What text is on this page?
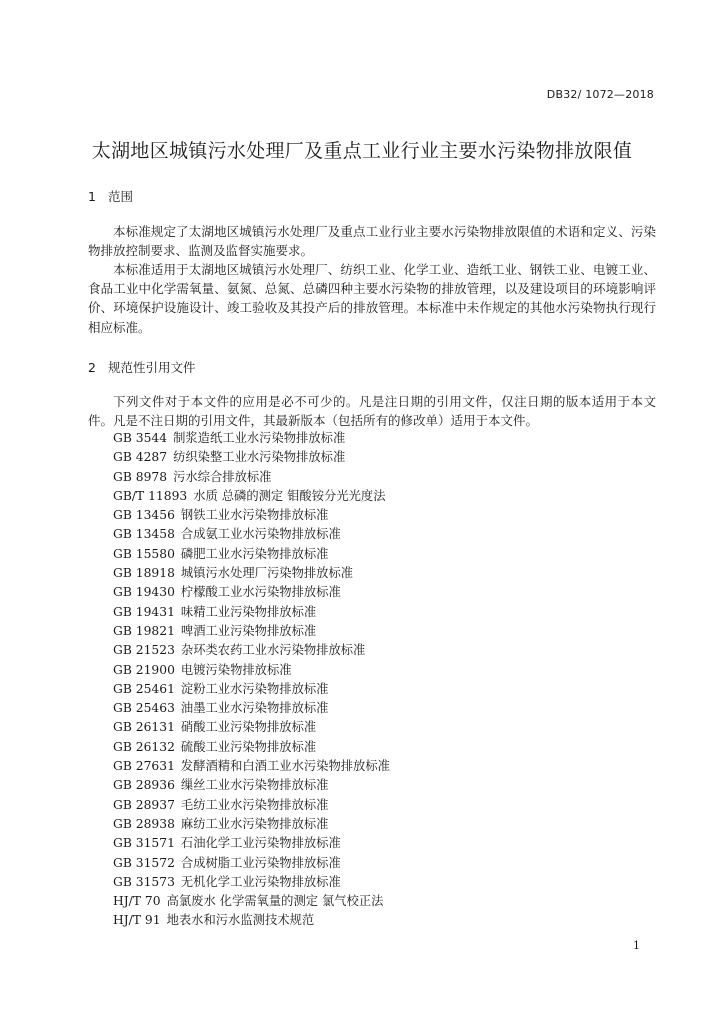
DB32/ 1072—2018
太湖地区城镇污水处理厂及重点工业行业主要水污染物排放限值
1 范围

本标准规定了太湖地区城镇污水处理厂及重点工业行业主要水污染物排放限值的术语和定义、污染物排放控制要求、监测及监督实施要求。

本标准适用于太湖地区城镇污水处理厂、纺织工业、化学工业、造纸工业、钢铁工业、电镀工业、食品工业中化学需氧量、氨氮、总氮、总磷四种主要水污染物的排放管理，以及建设项目的环境影响评价、环境保护设施设计、竣工验收及其投产后的排放管理。本标准中未作规定的其他水污染物执行现行相应标准。

2 规范性引用文件

下列文件对于本文件的应用是必不可少的。凡是注日期的引用文件，仅注日期的版本适用于本文件。凡是不注日期的引用文件，其最新版本（包括所有的修改单）适用于本文件。

GB 3544 制浆造纸工业水污染物排放标准
GB 4287 纺织染整工业水污染物排放标准
GB 8978 污水综合排放标准
GB/T 11893 水质 总磷的测定 钼酸铵分光光度法
GB 13456 钢铁工业水污染物排放标准
GB 13458 合成氨工业水污染物排放标准
GB 15580 磷肥工业水污染物排放标准
GB 18918 城镇污水处理厂污染物排放标准
GB 19430 柠檬酸工业水污染物排放标准
GB 19431 味精工业污染物排放标准
GB 19821 啤酒工业污染物排放标准
GB 21523 杂环类农药工业水污染物排放标准
GB 21900 电镀污染物排放标准
GB 25461 淀粉工业水污染物排放标准
GB 25463 油墨工业水污染物排放标准
GB 26131 硝酸工业污染物排放标准
GB 26132 硫酸工业污染物排放标准
GB 27631 发酵酒精和白酒工业水污染物排放标准
GB 28936 缫丝工业水污染物排放标准
GB 28937 毛纺工业水污染物排放标准
GB 28938 麻纺工业水污染物排放标准
GB 31571 石油化学工业污染物排放标准
GB 31572 合成树脂工业污染物排放标准
GB 31573 无机化学工业污染物排放标准
HJ/T 70 高氯废水 化学需氧量的测定 氯气校正法
HJ/T 91 地表水和污水监测技术规范
1
